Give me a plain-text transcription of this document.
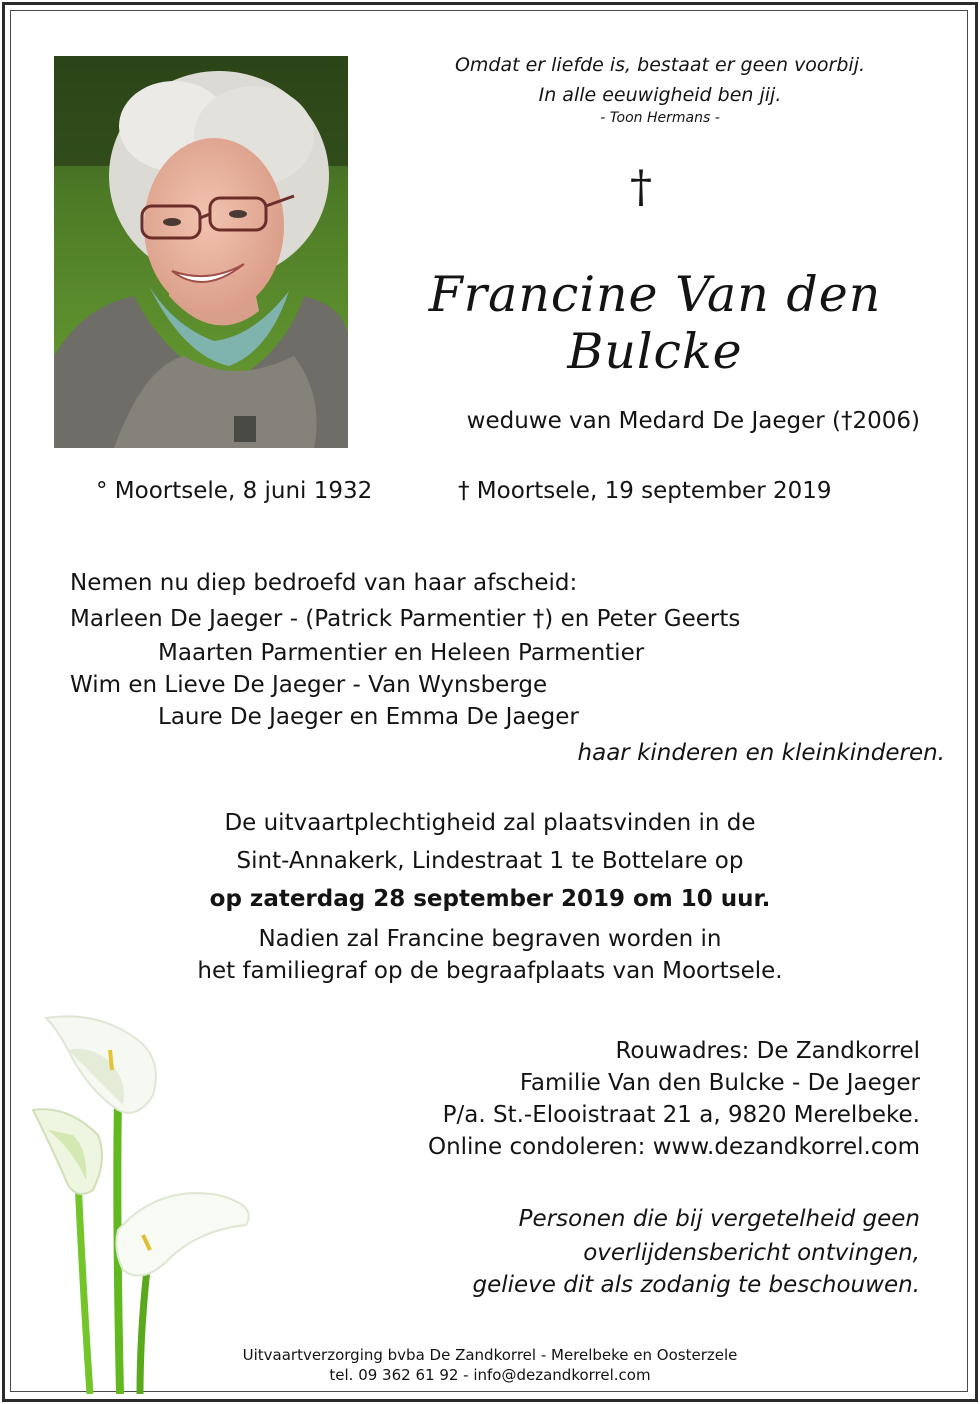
Omdat er liefde is, bestaat er geen voorbij.
In alle eeuwigheid ben jij.
- Toon Hermans -
†
Francine Van den Bulcke
weduwe van Medard De Jaeger (†2006)
° Moortsele, 8 juni 1932	† Moortsele, 19 september 2019
Nemen nu diep bedroefd van haar afscheid:
Marleen De Jaeger - (Patrick Parmentier †) en Peter Geerts
Maarten Parmentier en Heleen Parmentier
Wim en Lieve De Jaeger - Van Wynsberge
Laure De Jaeger en Emma De Jaeger
haar kinderen en kleinkinderen.
De uitvaartplechtigheid zal plaatsvinden in de
Sint-Annakerk, Lindestraat 1 te Bottelare op
op zaterdag 28 september 2019 om 10 uur.
Nadien zal Francine begraven worden in
het familiegraf op de begraafplaats van Moortsele.
Rouwadres: De Zandkorrel
Familie Van den Bulcke - De Jaeger
P/a. St.-Elooistraat 21 a, 9820 Merelbeke.
Online condoleren: www.dezandkorrel.com
Personen die bij vergetelheid geen
overlijdensbericht ontvingen,
gelieve dit als zodanig te beschouwen.
Uitvaartverzorging bvba De Zandkorrel - Merelbeke en Oosterzele
tel. 09 362 61 92 - info@dezandkorrel.com
